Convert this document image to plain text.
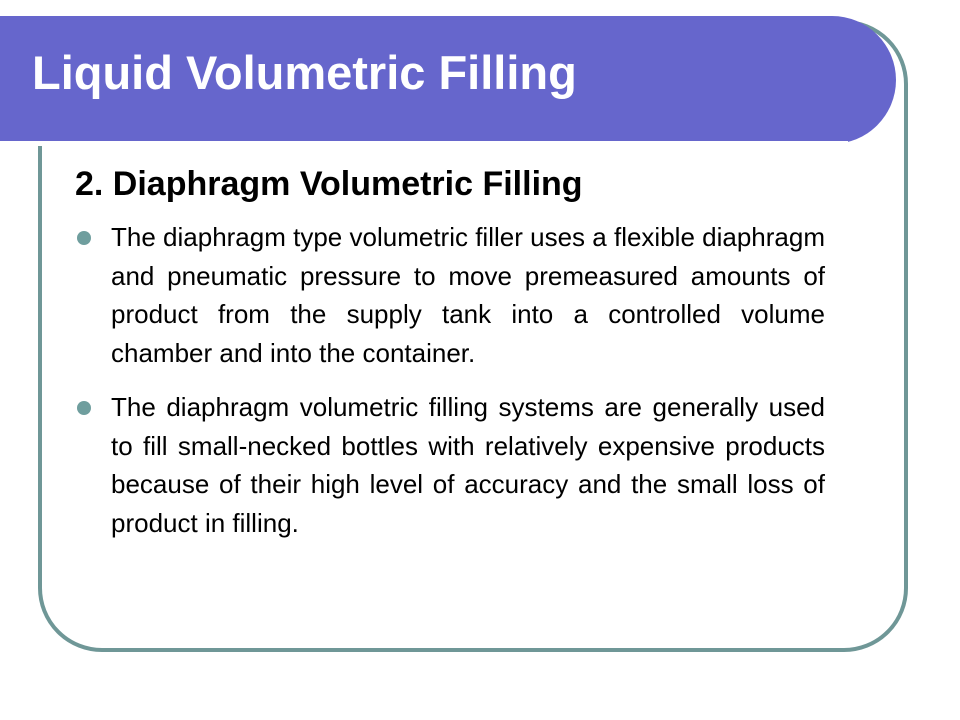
Liquid Volumetric Filling
2. Diaphragm Volumetric Filling
The diaphragm type volumetric filler uses a flexible diaphragm and pneumatic pressure to move premeasured amounts of product from the supply tank into a controlled volume chamber and into the container.
The diaphragm volumetric filling systems are generally used to fill small-necked bottles with relatively expensive products because of their high level of accuracy and the small loss of product in filling.
